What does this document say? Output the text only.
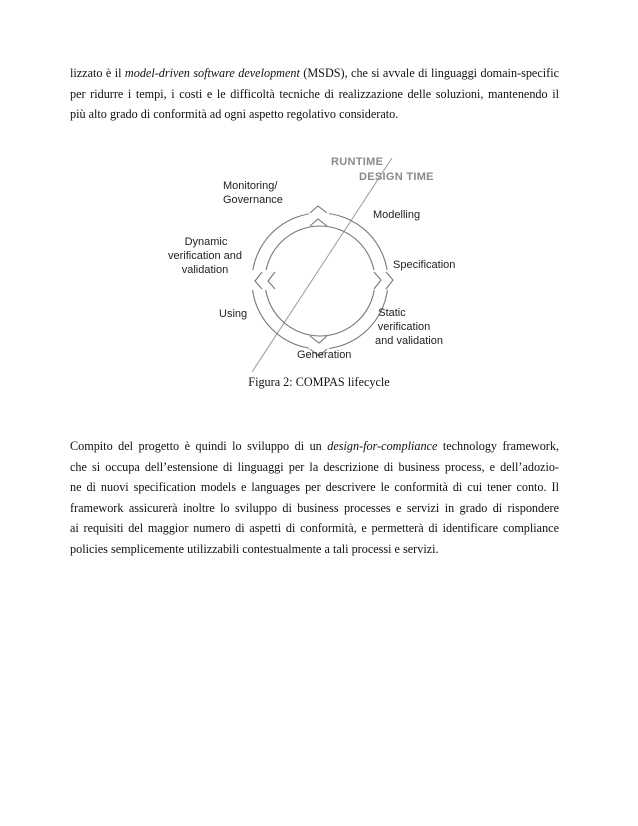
lizzato è il model-driven software development (MSDS), che si avvale di linguaggi domain-specific
per ridurre i tempi, i costi e le difficoltà tecniche di realizzazione delle soluzioni, mantenendo il
più alto grado di conformità ad ogni aspetto regolativo considerato.
RUNTIME
DESIGN TIME
Monitoring/
Governance
Modelling
Specification
Static
verification
and validation
Generation
Using
Dynamic
verification and
validation

Figura 2: COMPAS lifecycle

Compito del progetto è quindi lo sviluppo di un design-for-compliance technology framework,
che si occupa dell’estensione di linguaggi per la descrizione di business process, e dell’adozio-
ne di nuovi specification models e languages per descrivere le conformità di cui tener conto. Il
framework assicurerà inoltre lo sviluppo di business processes e servizi in grado di rispondere
ai requisiti del maggior numero di aspetti di conformità, e permetterà di identificare compliance
policies semplicemente utilizzabili contestualmente a tali processi e servizi.
